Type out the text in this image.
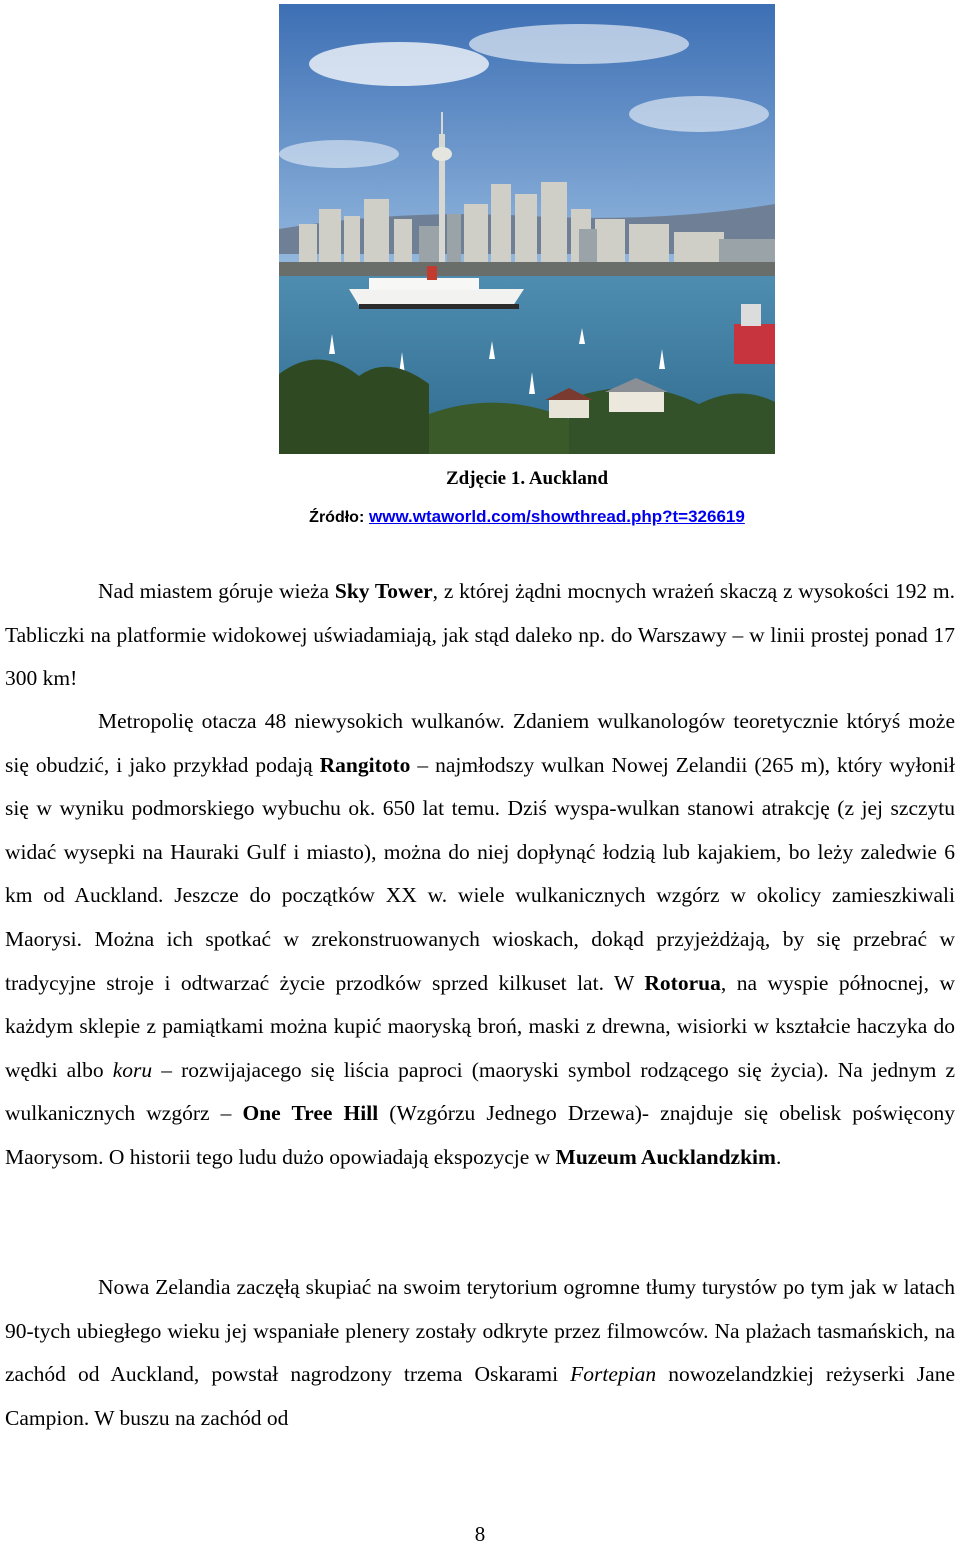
Zdjęcie 1. Auckland
Źródło: www.wtaworld.com/showthread.php?t=326619

Nad miastem góruje wieża Sky Tower, z której żądni mocnych wrażeń skaczą z wysokości 192 m. Tabliczki na platformie widokowej uświadamiają, jak stąd daleko np. do Warszawy – w linii prostej ponad 17 300 km!

Metropolię otacza 48 niewysokich wulkanów. Zdaniem wulkanologów teoretycznie któryś może się obudzić, i jako przykład podają Rangitoto – najmłodszy wulkan Nowej Zelandii (265 m), który wyłonił się w wyniku podmorskiego wybuchu ok. 650 lat temu. Dziś wyspa-wulkan stanowi atrakcję (z jej szczytu widać wysepki na Hauraki Gulf i miasto), można do niej dopłynąć łodzią lub kajakiem, bo leży zaledwie 6 km od Auckland. Jeszcze do początków XX w. wiele wulkanicznych wzgórz w okolicy zamieszkiwali Maorysi. Można ich spotkać w zrekonstruowanych wioskach, dokąd przyjeżdżają, by się przebrać w tradycyjne stroje i odtwarzać życie przodków sprzed kilkuset lat. W Rotorua, na wyspie północnej, w każdym sklepie z pamiątkami można kupić maoryską broń, maski z drewna, wisiorki w kształcie haczyka do wędki albo koru – rozwijajacego się liścia paproci (maoryski symbol rodzącego się życia). Na jednym z wulkanicznych wzgórz – One Tree Hill (Wzgórzu Jednego Drzewa)- znajduje się obelisk poświęcony Maorysom. O historii tego ludu dużo opowiadają ekspozycje w Muzeum Aucklandzkim.

Nowa Zelandia zaczęłą skupiać na swoim terytorium ogromne tłumy turystów po tym jak w latach 90-tych ubiegłego wieku jej wspaniałe plenery zostały odkryte przez filmowców. Na plażach tasmańskich, na zachód od Auckland, powstał nagrodzony trzema Oskarami Fortepian nowozelandzkiej reżyserki Jane Campion. W buszu na zachód od

8
